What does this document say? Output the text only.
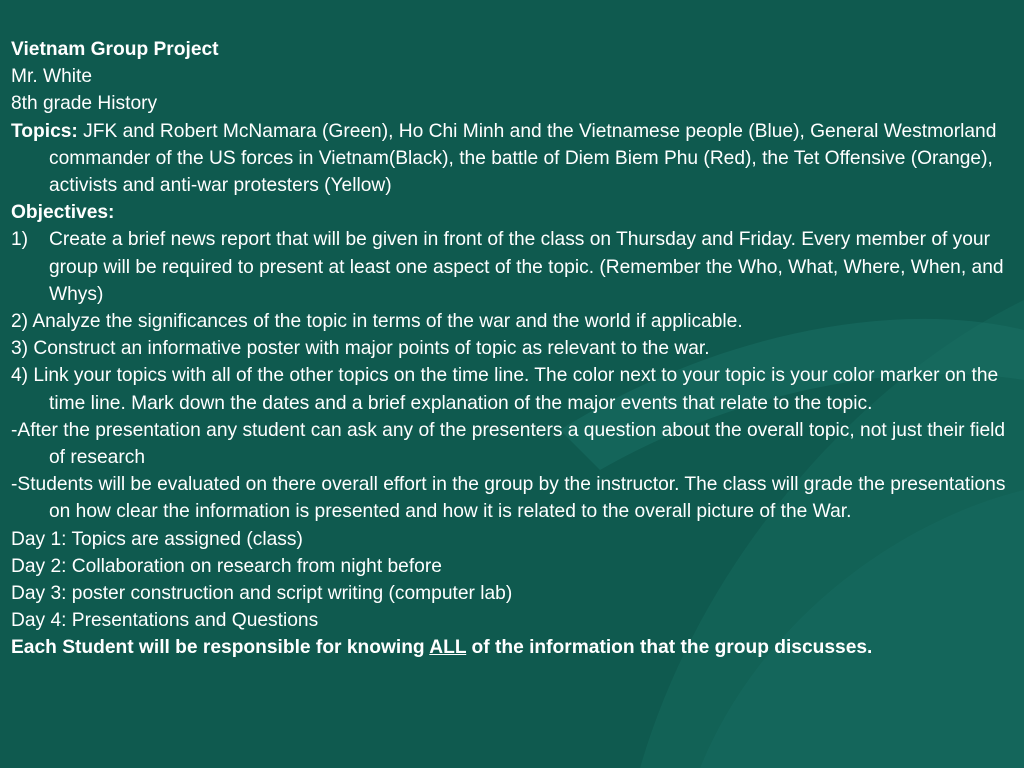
Vietnam Group Project

Mr. White

8th grade History

Topics: JFK and Robert McNamara (Green), Ho Chi Minh and the Vietnamese people (Blue), General Westmorland commander of the US forces in Vietnam(Black), the battle of Diem Biem Phu (Red), the Tet Offensive (Orange), activists and anti-war protesters (Yellow)

Objectives:

1) Create a brief news report that will be given in front of the class on Thursday and Friday. Every member of your group will be required to present at least one aspect of the topic. (Remember the Who, What, Where, When, and Whys)

2) Analyze the significances of the topic in terms of the war and the world if applicable.

3) Construct an informative poster with major points of topic as relevant to the war.

4) Link your topics with all of the other topics on the time line. The color next to your topic is your color marker on the time line. Mark down the dates and a brief explanation of the major events that relate to the topic.

-After the presentation any student can ask any of the presenters a question about the overall topic, not just their field of research

-Students will be evaluated on there overall effort in the group by the instructor. The class will grade the presentations on how clear the information is presented and how it is related to the overall picture of the War.

Day 1: Topics are assigned (class)

Day 2: Collaboration on research from night before

Day 3: poster construction and script writing (computer lab)

Day 4: Presentations and Questions

Each Student will be responsible for knowing ALL of the information that the group discusses.
